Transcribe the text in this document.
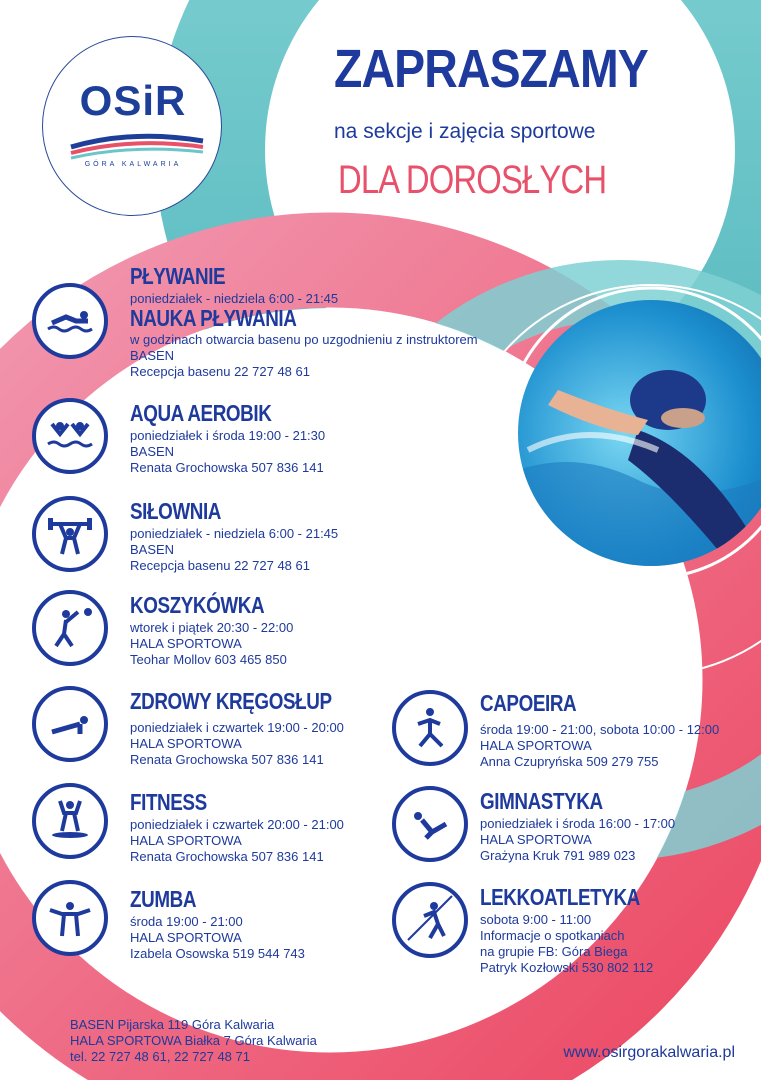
OSiR
GÓRA KALWARIA
ZAPRASZAMY
na sekcje i zajęcia sportowe
DLA DOROSŁYCH
PŁYWANIE
poniedziałek - niedziela 6:00 - 21:45
NAUKA PŁYWANIA
w godzinach otwarcia basenu po uzgodnieniu z instruktorem
BASEN
Recepcja basenu 22 727 48 61
AQUA AEROBIK
poniedziałek i środa 19:00 - 21:30
BASEN
Renata Grochowska 507 836 141
SIŁOWNIA
poniedziałek - niedziela 6:00 - 21:45
BASEN
Recepcja basenu 22 727 48 61
KOSZYKÓWKA
wtorek i piątek 20:30 - 22:00
HALA SPORTOWA
Teohar Mollov 603 465 850
ZDROWY KRĘGOSŁUP
poniedziałek i czwartek 19:00 - 20:00
HALA SPORTOWA
Renata Grochowska 507 836 141
FITNESS
poniedziałek i czwartek 20:00 - 21:00
HALA SPORTOWA
Renata Grochowska 507 836 141
ZUMBA
środa 19:00 - 21:00
HALA SPORTOWA
Izabela Osowska 519 544 743
CAPOEIRA
środa 19:00 - 21:00, sobota 10:00 - 12:00
HALA SPORTOWA
Anna Czupryńska 509 279 755
GIMNASTYKA
poniedziałek i środa 16:00 - 17:00
HALA SPORTOWA
Grażyna Kruk 791 989 023
LEKKOATLETYKA
sobota 9:00 - 11:00
Informacje o spotkaniach
na grupie FB: Góra Biega
Patryk Kozłowski 530 802 112
BASEN Pijarska 119 Góra Kalwaria
HALA SPORTOWA Białka 7 Góra Kalwaria
tel. 22 727 48 61, 22 727 48 71	www.osirgorakalwaria.pl
